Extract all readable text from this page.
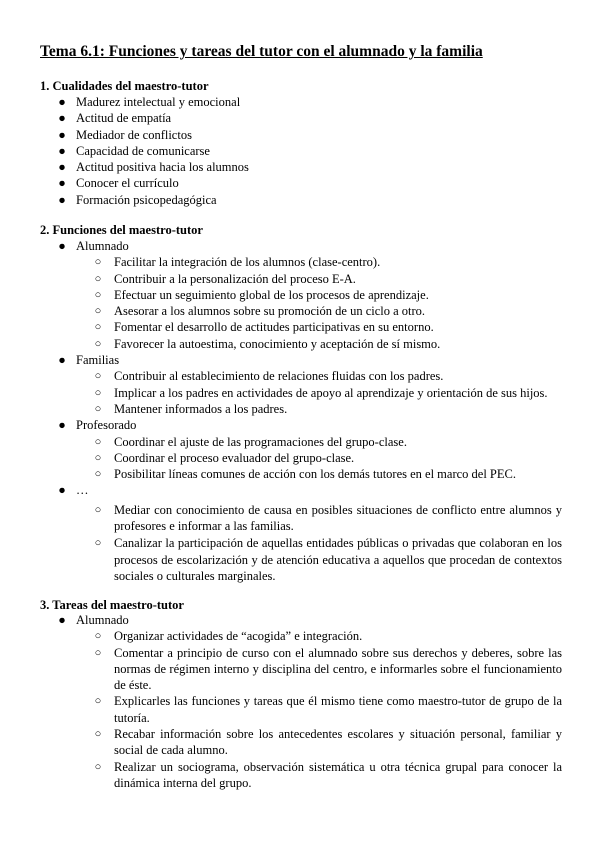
Tema 6.1: Funciones y tareas del tutor con el alumnado y la familia
1. Cualidades del maestro-tutor
● Madurez intelectual y emocional
● Actitud de empatía
● Mediador de conflictos
● Capacidad de comunicarse
● Actitud positiva hacia los alumnos
● Conocer el currículo
● Formación psicopedagógica
2. Funciones del maestro-tutor
● Alumnado
○ Facilitar la integración de los alumnos (clase-centro).
○ Contribuir a la personalización del proceso E-A.
○ Efectuar un seguimiento global de los procesos de aprendizaje.
○ Asesorar a los alumnos sobre su promoción de un ciclo a otro.
○ Fomentar el desarrollo de actitudes participativas en su entorno.
○ Favorecer la autoestima, conocimiento y aceptación de sí mismo.
● Familias
○ Contribuir al establecimiento de relaciones fluidas con los padres.
○ Implicar a los padres en actividades de apoyo al aprendizaje y orientación de sus hijos.
○ Mantener informados a los padres.
● Profesorado
○ Coordinar el ajuste de las programaciones del grupo-clase.
○ Coordinar el proceso evaluador del grupo-clase.
○ Posibilitar líneas comunes de acción con los demás tutores en el marco del PEC.
● …
○ Mediar con conocimiento de causa en posibles situaciones de conflicto entre alumnos y profesores e informar a las familias.
○ Canalizar la participación de aquellas entidades públicas o privadas que colaboran en los procesos de escolarización y de atención educativa a aquellos que procedan de contextos sociales o culturales marginales.
3. Tareas del maestro-tutor
● Alumnado
○ Organizar actividades de “acogida” e integración.
○ Comentar a principio de curso con el alumnado sobre sus derechos y deberes, sobre las normas de régimen interno y disciplina del centro, e informarles sobre el funcionamiento de éste.
○ Explicarles las funciones y tareas que él mismo tiene como maestro-tutor de grupo de la tutoría.
○ Recabar información sobre los antecedentes escolares y situación personal, familiar y social de cada alumno.
○ Realizar un sociograma, observación sistemática u otra técnica grupal para conocer la dinámica interna del grupo.
